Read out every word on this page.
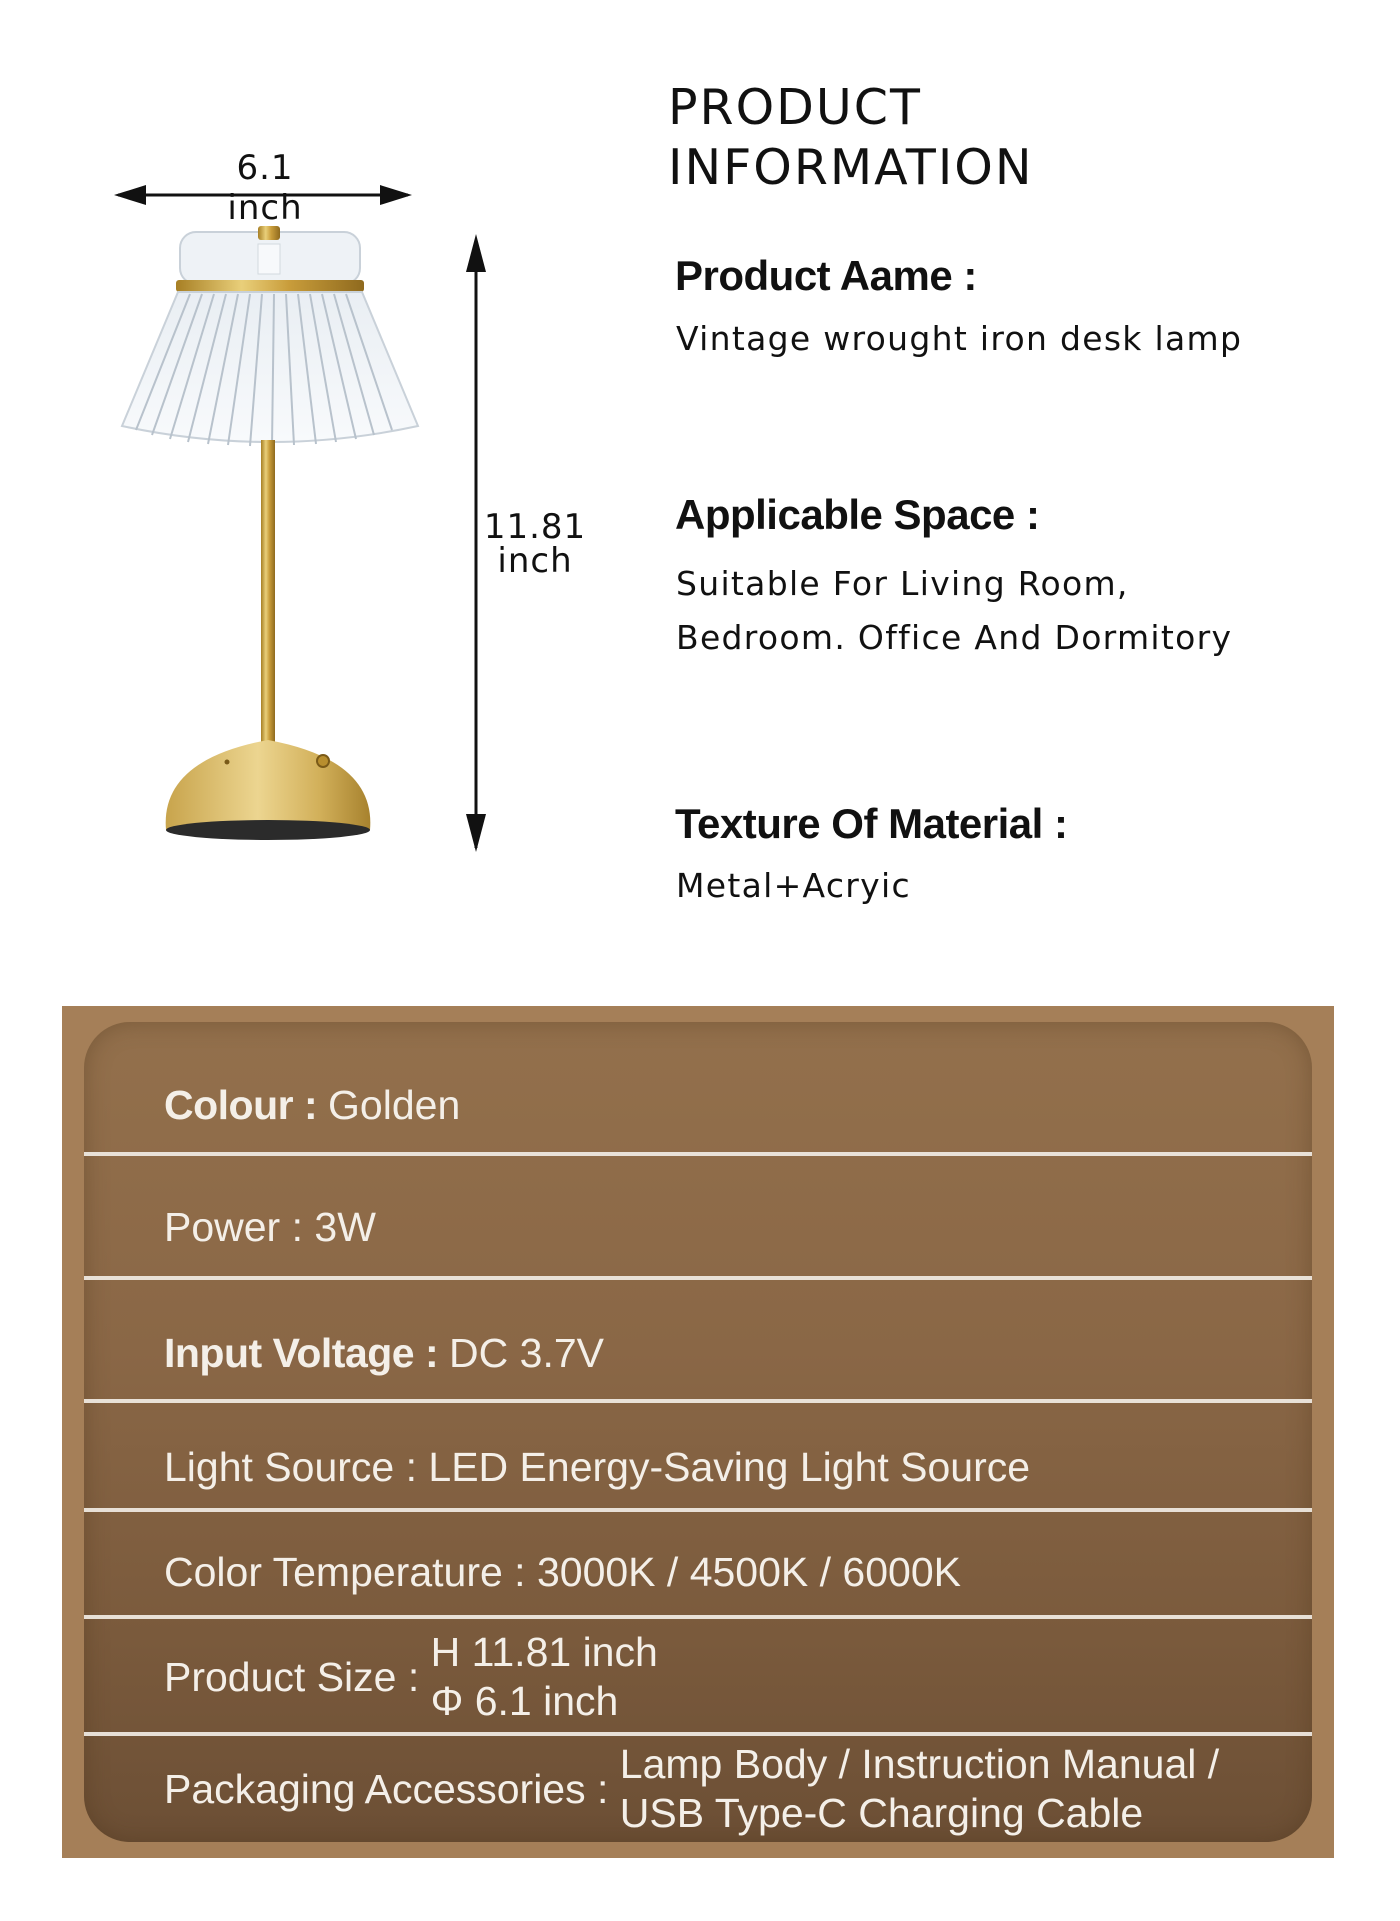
6.1 inch
11.81
inch
PRODUCT
INFORMATION
Product Aame :
Vintage wrought iron desk lamp
Applicable Space :
Suitable For Living Room,
Bedroom. Office And Dormitory
Texture Of Material :
Metal+Acryic
Colour : Golden
Power : 3W
Input Voltage : DC 3.7V
Light Source : LED Energy-Saving Light Source
Color Temperature : 3000K / 4500K / 6000K
Product Size :
H 11.81 inch
Φ 6.1 inch
Packaging Accessories :
Lamp Body / Instruction Manual /
USB Type-C Charging Cable
